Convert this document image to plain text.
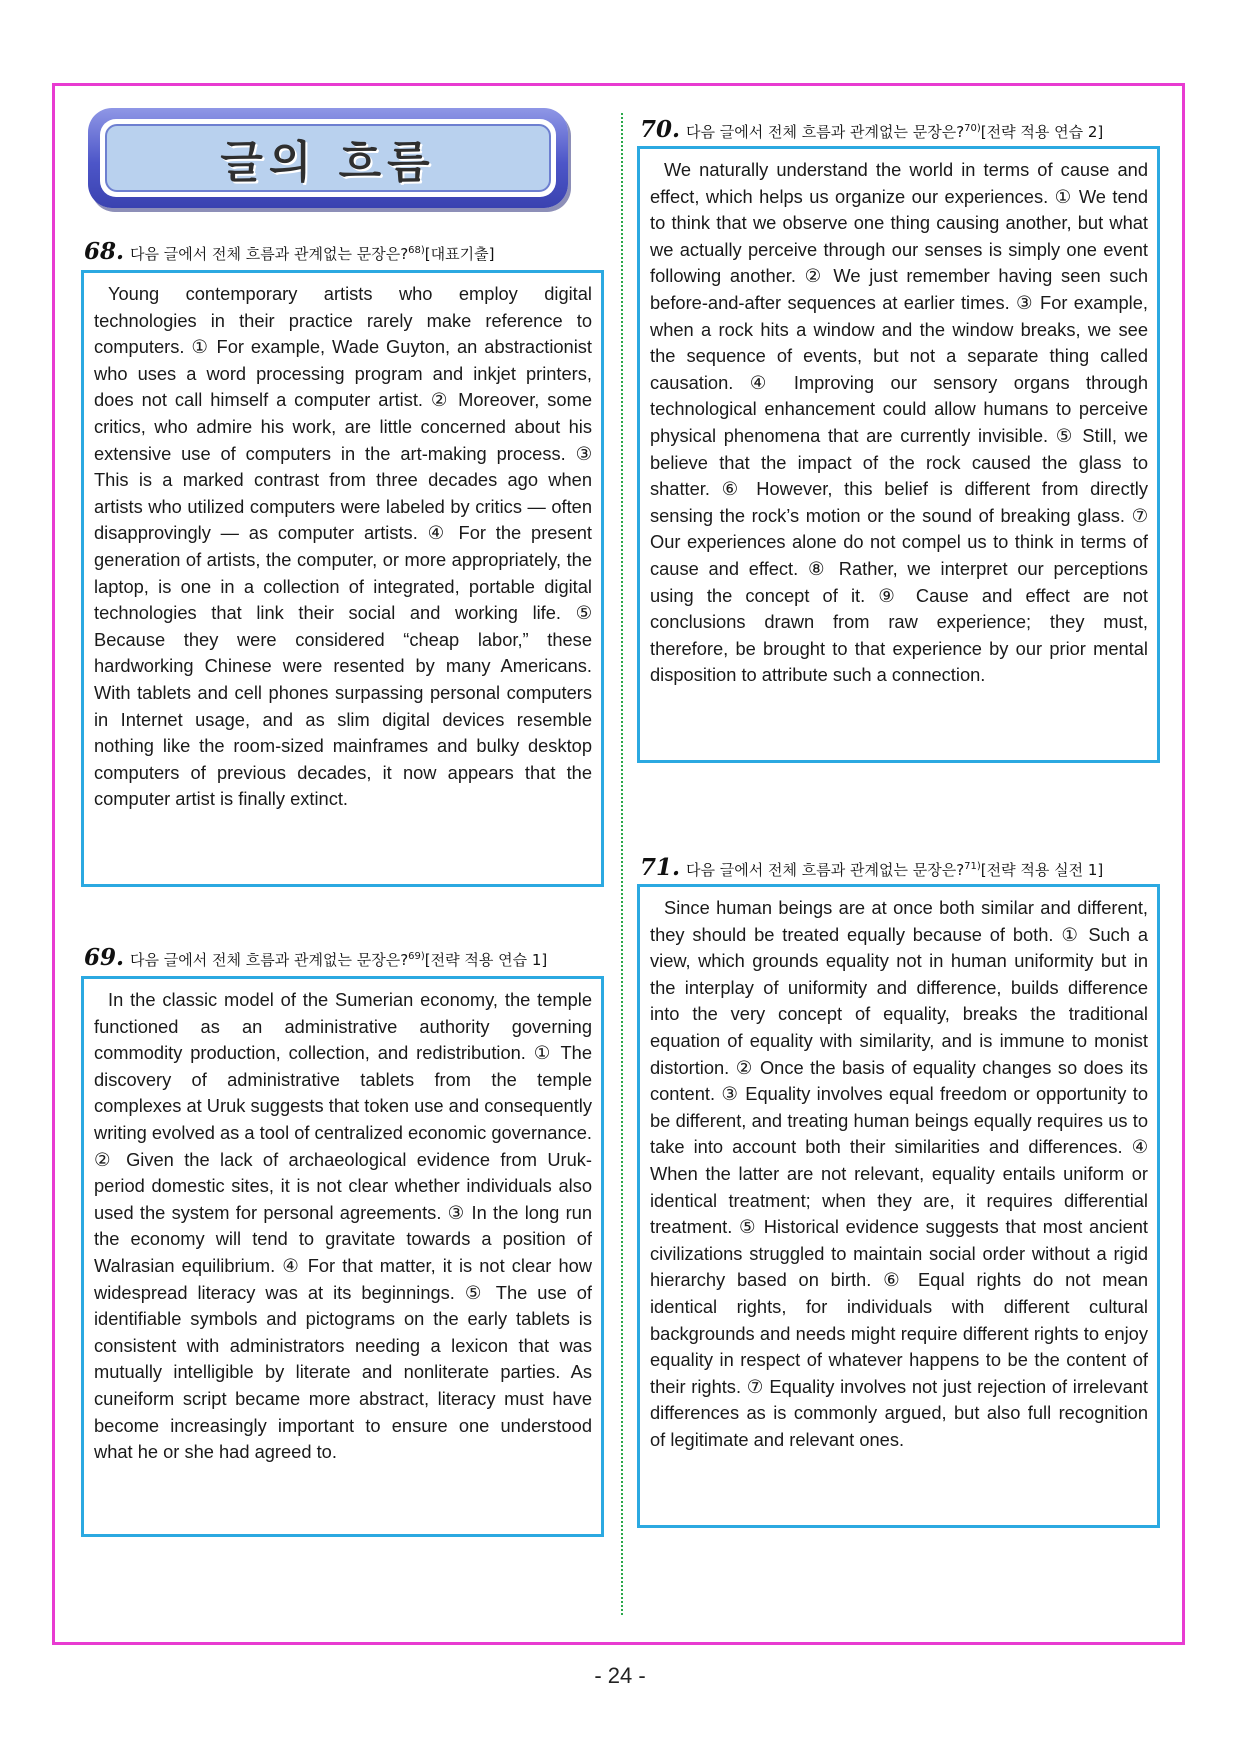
글의 흐름
68. 다음 글에서 전체 흐름과 관계없는 문장은?$^{68)}$[대표기출]

Young contemporary artists who employ digital technologies in their practice rarely make reference to computers. ① For example, Wade Guyton, an abstractionist who uses a word processing program and inkjet printers, does not call himself a computer artist. ② Moreover, some critics, who admire his work, are little concerned about his extensive use of computers in the art-making process. ③ This is a marked contrast from three decades ago when artists who utilized computers were labeled by critics — often disapprovingly — as computer artists. ④ For the present generation of artists, the computer, or more appropriately, the laptop, is one in a collection of integrated, portable digital technologies that link their social and working life. ⑤ Because they were considered “cheap labor,” these hardworking Chinese were resented by many Americans. With tablets and cell phones surpassing personal computers in Internet usage, and as slim digital devices resemble nothing like the room-sized mainframes and bulky desktop computers of previous decades, it now appears that the computer artist is finally extinct.

69. 다음 글에서 전체 흐름과 관계없는 문장은?$^{69)}$[전략 적용 연습 1]

In the classic model of the Sumerian economy, the temple functioned as an administrative authority governing commodity production, collection, and redistribution. ① The discovery of administrative tablets from the temple complexes at Uruk suggests that token use and consequently writing evolved as a tool of centralized economic governance. ② Given the lack of archaeological evidence from Uruk-period domestic sites, it is not clear whether individuals also used the system for personal agreements. ③ In the long run the economy will tend to gravitate towards a position of Walrasian equilibrium. ④ For that matter, it is not clear how widespread literacy was at its beginnings. ⑤ The use of identifiable symbols and pictograms on the early tablets is consistent with administrators needing a lexicon that was mutually intelligible by literate and nonliterate parties. As cuneiform script became more abstract, literacy must have become increasingly important to ensure one understood what he or she had agreed to.

70. 다음 글에서 전체 흐름과 관계없는 문장은?$^{70)}$[전략 적용 연습 2]

We naturally understand the world in terms of cause and effect, which helps us organize our experiences. ① We tend to think that we observe one thing causing another, but what we actually perceive through our senses is simply one event following another. ② We just remember having seen such before-and-after sequences at earlier times. ③ For example, when a rock hits a window and the window breaks, we see the sequence of events, but not a separate thing called causation. ④ Improving our sensory organs through technological enhancement could allow humans to perceive physical phenomena that are currently invisible. ⑤ Still, we believe that the impact of the rock caused the glass to shatter. ⑥ However, this belief is different from directly sensing the rock’s motion or the sound of breaking glass. ⑦ Our experiences alone do not compel us to think in terms of cause and effect. ⑧ Rather, we interpret our perceptions using the concept of it. ⑨ Cause and effect are not conclusions drawn from raw experience; they must, therefore, be brought to that experience by our prior mental disposition to attribute such a connection.

71. 다음 글에서 전체 흐름과 관계없는 문장은?$^{71)}$[전략 적용 실전 1]

Since human beings are at once both similar and different, they should be treated equally because of both. ① Such a view, which grounds equality not in human uniformity but in the interplay of uniformity and difference, builds difference into the very concept of equality, breaks the traditional equation of equality with similarity, and is immune to monist distortion. ② Once the basis of equality changes so does its content. ③ Equality involves equal freedom or opportunity to be different, and treating human beings equally requires us to take into account both their similarities and differences. ④ When the latter are not relevant, equality entails uniform or identical treatment; when they are, it requires differential treatment. ⑤ Historical evidence suggests that most ancient civilizations struggled to maintain social order without a rigid hierarchy based on birth. ⑥ Equal rights do not mean identical rights, for individuals with different cultural backgrounds and needs might require different rights to enjoy equality in respect of whatever happens to be the content of their rights. ⑦ Equality involves not just rejection of irrelevant differences as is commonly argued, but also full recognition of legitimate and relevant ones.

- 24 -
